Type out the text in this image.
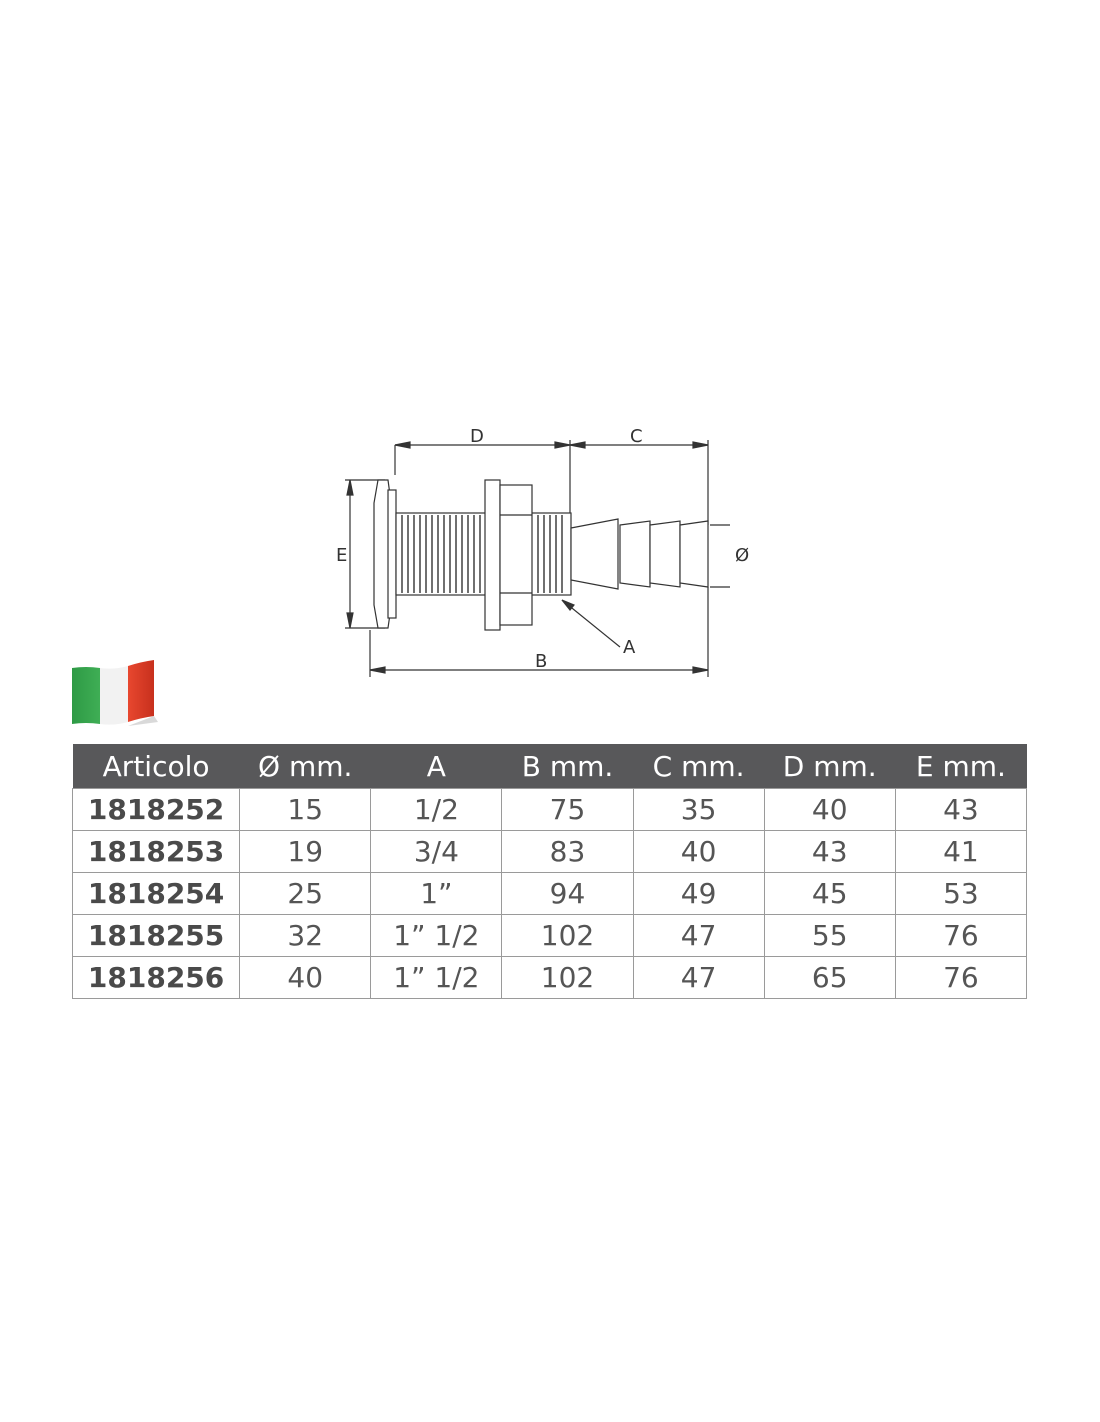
D	C
E	Ø
A
B
Articolo	Ø mm.	A	B mm.	C mm.	D mm.	E mm.
1818252	15	1/2	75	35	40	43
1818253	19	3/4	83	40	43	41
1818254	25	1”	94	49	45	53
1818255	32	1” 1/2	102	47	55	76
1818256	40	1” 1/2	102	47	65	76
